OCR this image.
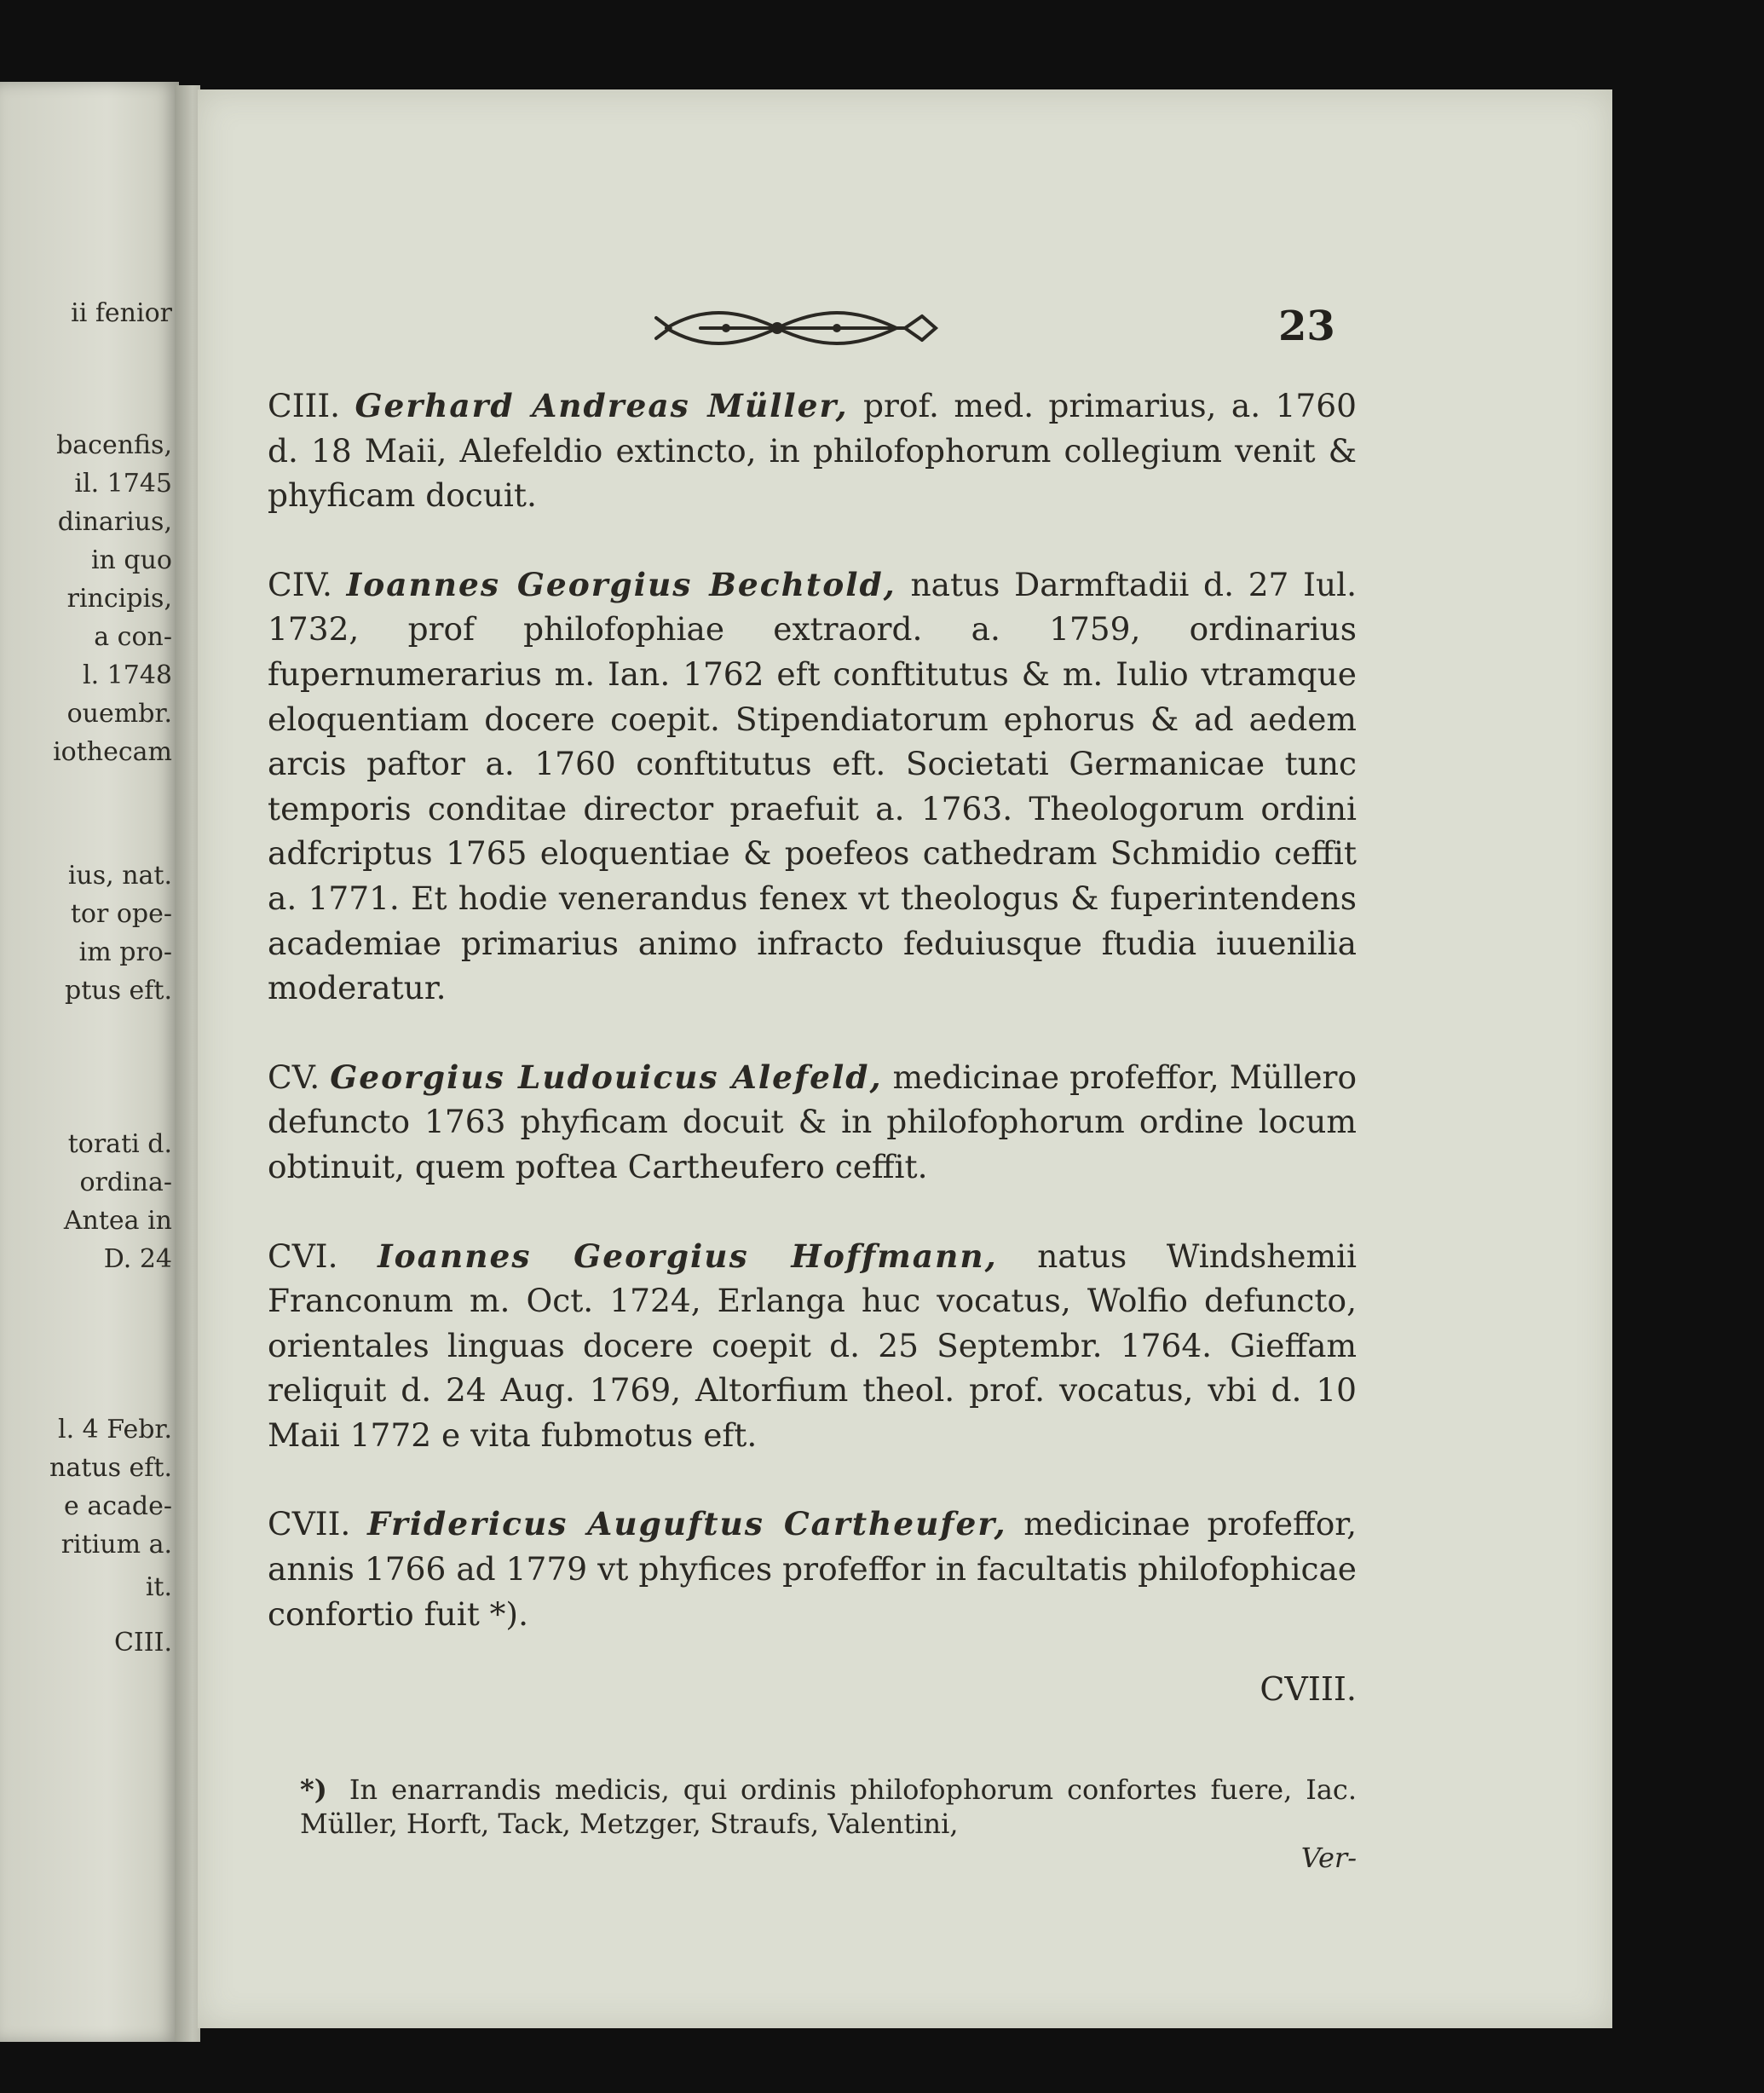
ii fenior
bacenfis,
il. 1745
dinarius,
in quo
rincipis,
a con-
l. 1748
ouembr.
iothecam
ius, nat.
tor ope-
im pro-
ptus eft.
torati d.
ordina-
Antea in
D. 24
l. 4 Febr.
natus eft.
e acade-
ritium a.
it.
CIII.
23

CIII. Gerhard Andreas Müller, prof. med. primarius, a. 1760 d. 18 Maii, Alefeldio extincto, in philofophorum collegium venit & phyficam docuit.

CIV. Ioannes Georgius Bechtold, natus Darmftadii d. 27 Iul. 1732, prof philofophiae extraord. a. 1759, ordinarius fupernumerarius m. Ian. 1762 eft conftitutus & m. Iulio vtramque eloquentiam docere coepit. Stipendiatorum ephorus & ad aedem arcis paftor a. 1760 conftitutus eft. Societati Germanicae tunc temporis conditae director praefuit a. 1763. Theologorum ordini adfcriptus 1765 eloquentiae & poefeos cathedram Schmidio ceffit a. 1771. Et hodie venerandus fenex vt theologus & fuperintendens academiae primarius animo infracto feduiusque ftudia iuuenilia moderatur.

CV. Georgius Ludouicus Alefeld, medicinae profeffor, Müllero defuncto 1763 phyficam docuit & in philofophorum ordine locum obtinuit, quem poftea Cartheufero ceffit.

CVI. Ioannes Georgius Hoffmann, natus Windshemii Franconum m. Oct. 1724, Erlanga huc vocatus, Wolfio defuncto, orientales linguas docere coepit d. 25 Septembr. 1764. Gieffam reliquit d. 24 Aug. 1769, Altorfium theol. prof. vocatus, vbi d. 10 Maii 1772 e vita fubmotus eft.

CVII. Fridericus Auguftus Cartheufer, medicinae profeffor, annis 1766 ad 1779 vt phyfices profeffor in facultatis philofophicae confortio fuit *).

CVIII.
*) In enarrandis medicis, qui ordinis philofophorum confortes fuere, Iac. Müller, Horft, Tack, Metzger, Straufs, Valentini,
Ver-
